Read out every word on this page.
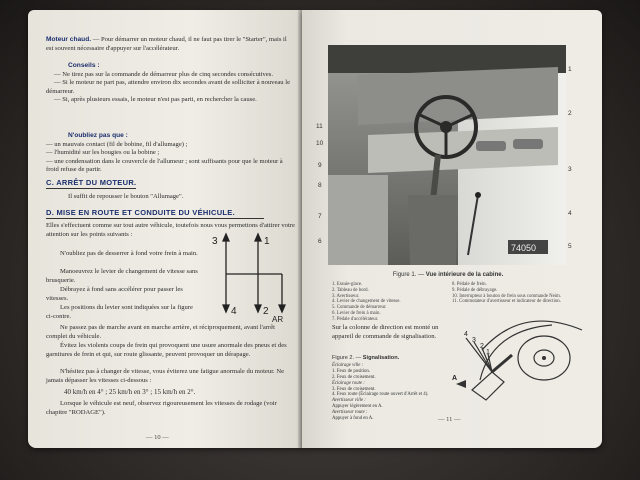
Moteur chaud. — Pour démarrer un moteur chaud, il ne faut pas tirer le "Starter", mais il est souvent nécessaire d'appuyer sur l'accélérateur.
Conseils :
— Ne tirez pas sur la commande de démarreur plus de cinq secondes consécutives.
— Si le moteur ne part pas, attendre environ dix secondes avant de solliciter à nouveau le démarreur.
— Si, après plusieurs essais, le moteur n'est pas parti, en rechercher la cause.
N'oubliez pas que :
— un mauvais contact (fil de bobine, fil d'allumage) ;
— l'humidité sur les bougies ou la bobine ;
— une condensation dans le couvercle de l'allumeur ; sont suffisants pour que le moteur à froid refuse de partir.
C. ARRÊT DU MOTEUR.
Il suffit de repousser le bouton "Allumage".
D. MISE EN ROUTE ET CONDUITE DU VÉHICULE.
Elles s'effectuent comme sur tout autre véhicule, toutefois nous vous permettons d'attirer votre attention sur les points suivants :
N'oubliez pas de desserrer à fond votre frein à main.
Manoeuvrez le levier de changement de vitesse sans brusquerie.
Débrayez à fond sans accélérer pour passer les vitesses.
Les positions du levier sont indiquées sur la figure ci-contre.
Ne passez pas de marche avant en marche arrière, et réciproquement, avant l'arrêt complet du véhicule.
Évitez les violents coups de frein qui provoquent une usure anormale des pneus et des garnitures de frein et qui, sur route glissante, peuvent provoquer un dérapage.
N'hésitez pas à changer de vitesse, vous éviterez une fatigue anormale du moteur. Ne jamais dépasser les vitesses ci-dessous :
40 km/h en 4° ; 25 km/h en 3° ; 15 km/h en 2°.
Lorsque le véhicule est neuf, observez rigoureusement les vitesses de rodage (voir chapitre "RODAGE").
3	1
4	2
AR
— 10 —
74050
1
2
3
4
5
11
10
9
8
7
6
Figure 1. — Vue intérieure de la cabine.
1. Essuie-glace.
2. Tableau de bord.
3. Avertisseur.
4. Levier de changement de vitesse.
5. Commande de démarreur.
6. Levier de frein à main.
7. Pédale d'accélérateur.
8. Pédale de frein.
9. Pédale de débrayage.
10. Interrupteur à bouton de frein sous commande Neim.
11. Commutateur d'avertisseur et indicateur de direction.
Sur la colonne de direction est monté un appareil de commande de signalisation.
Figure 2. — Signalisation.
Éclairage ville :
1. Feux de position.
2. Feux de croisement.
Éclairage route :
3. Feux de croisement.
4. Feux route (Éclairage route ouvert d'Arrêt et 4).
Avertisseur ville :
Appuyer légèrement en A.
Avertisseur route :
Appuyer à fond en A.
4
3
2
1
A
— 11 —
